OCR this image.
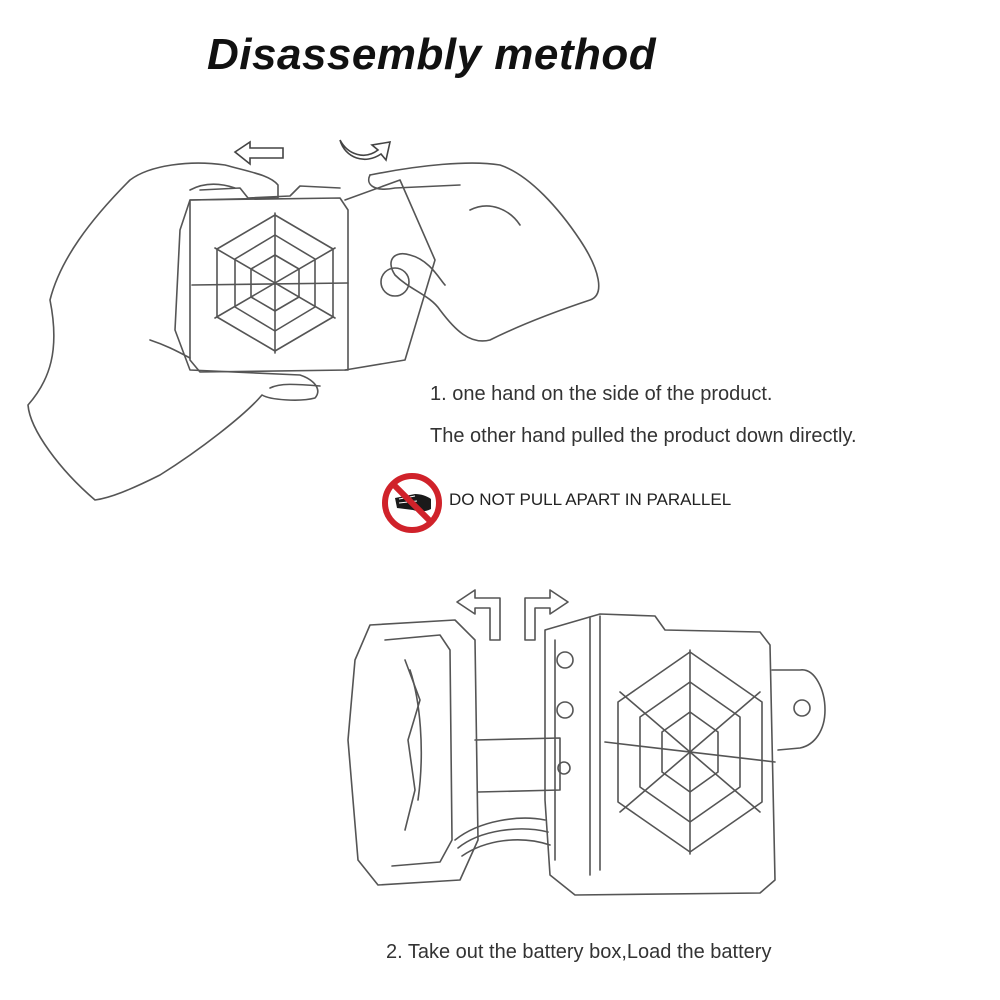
Disassembly method
1. one hand on the side of the product.
The other hand pulled the product down directly.
DO NOT PULL APART IN PARALLEL
2. Take out the battery box,Load the battery
